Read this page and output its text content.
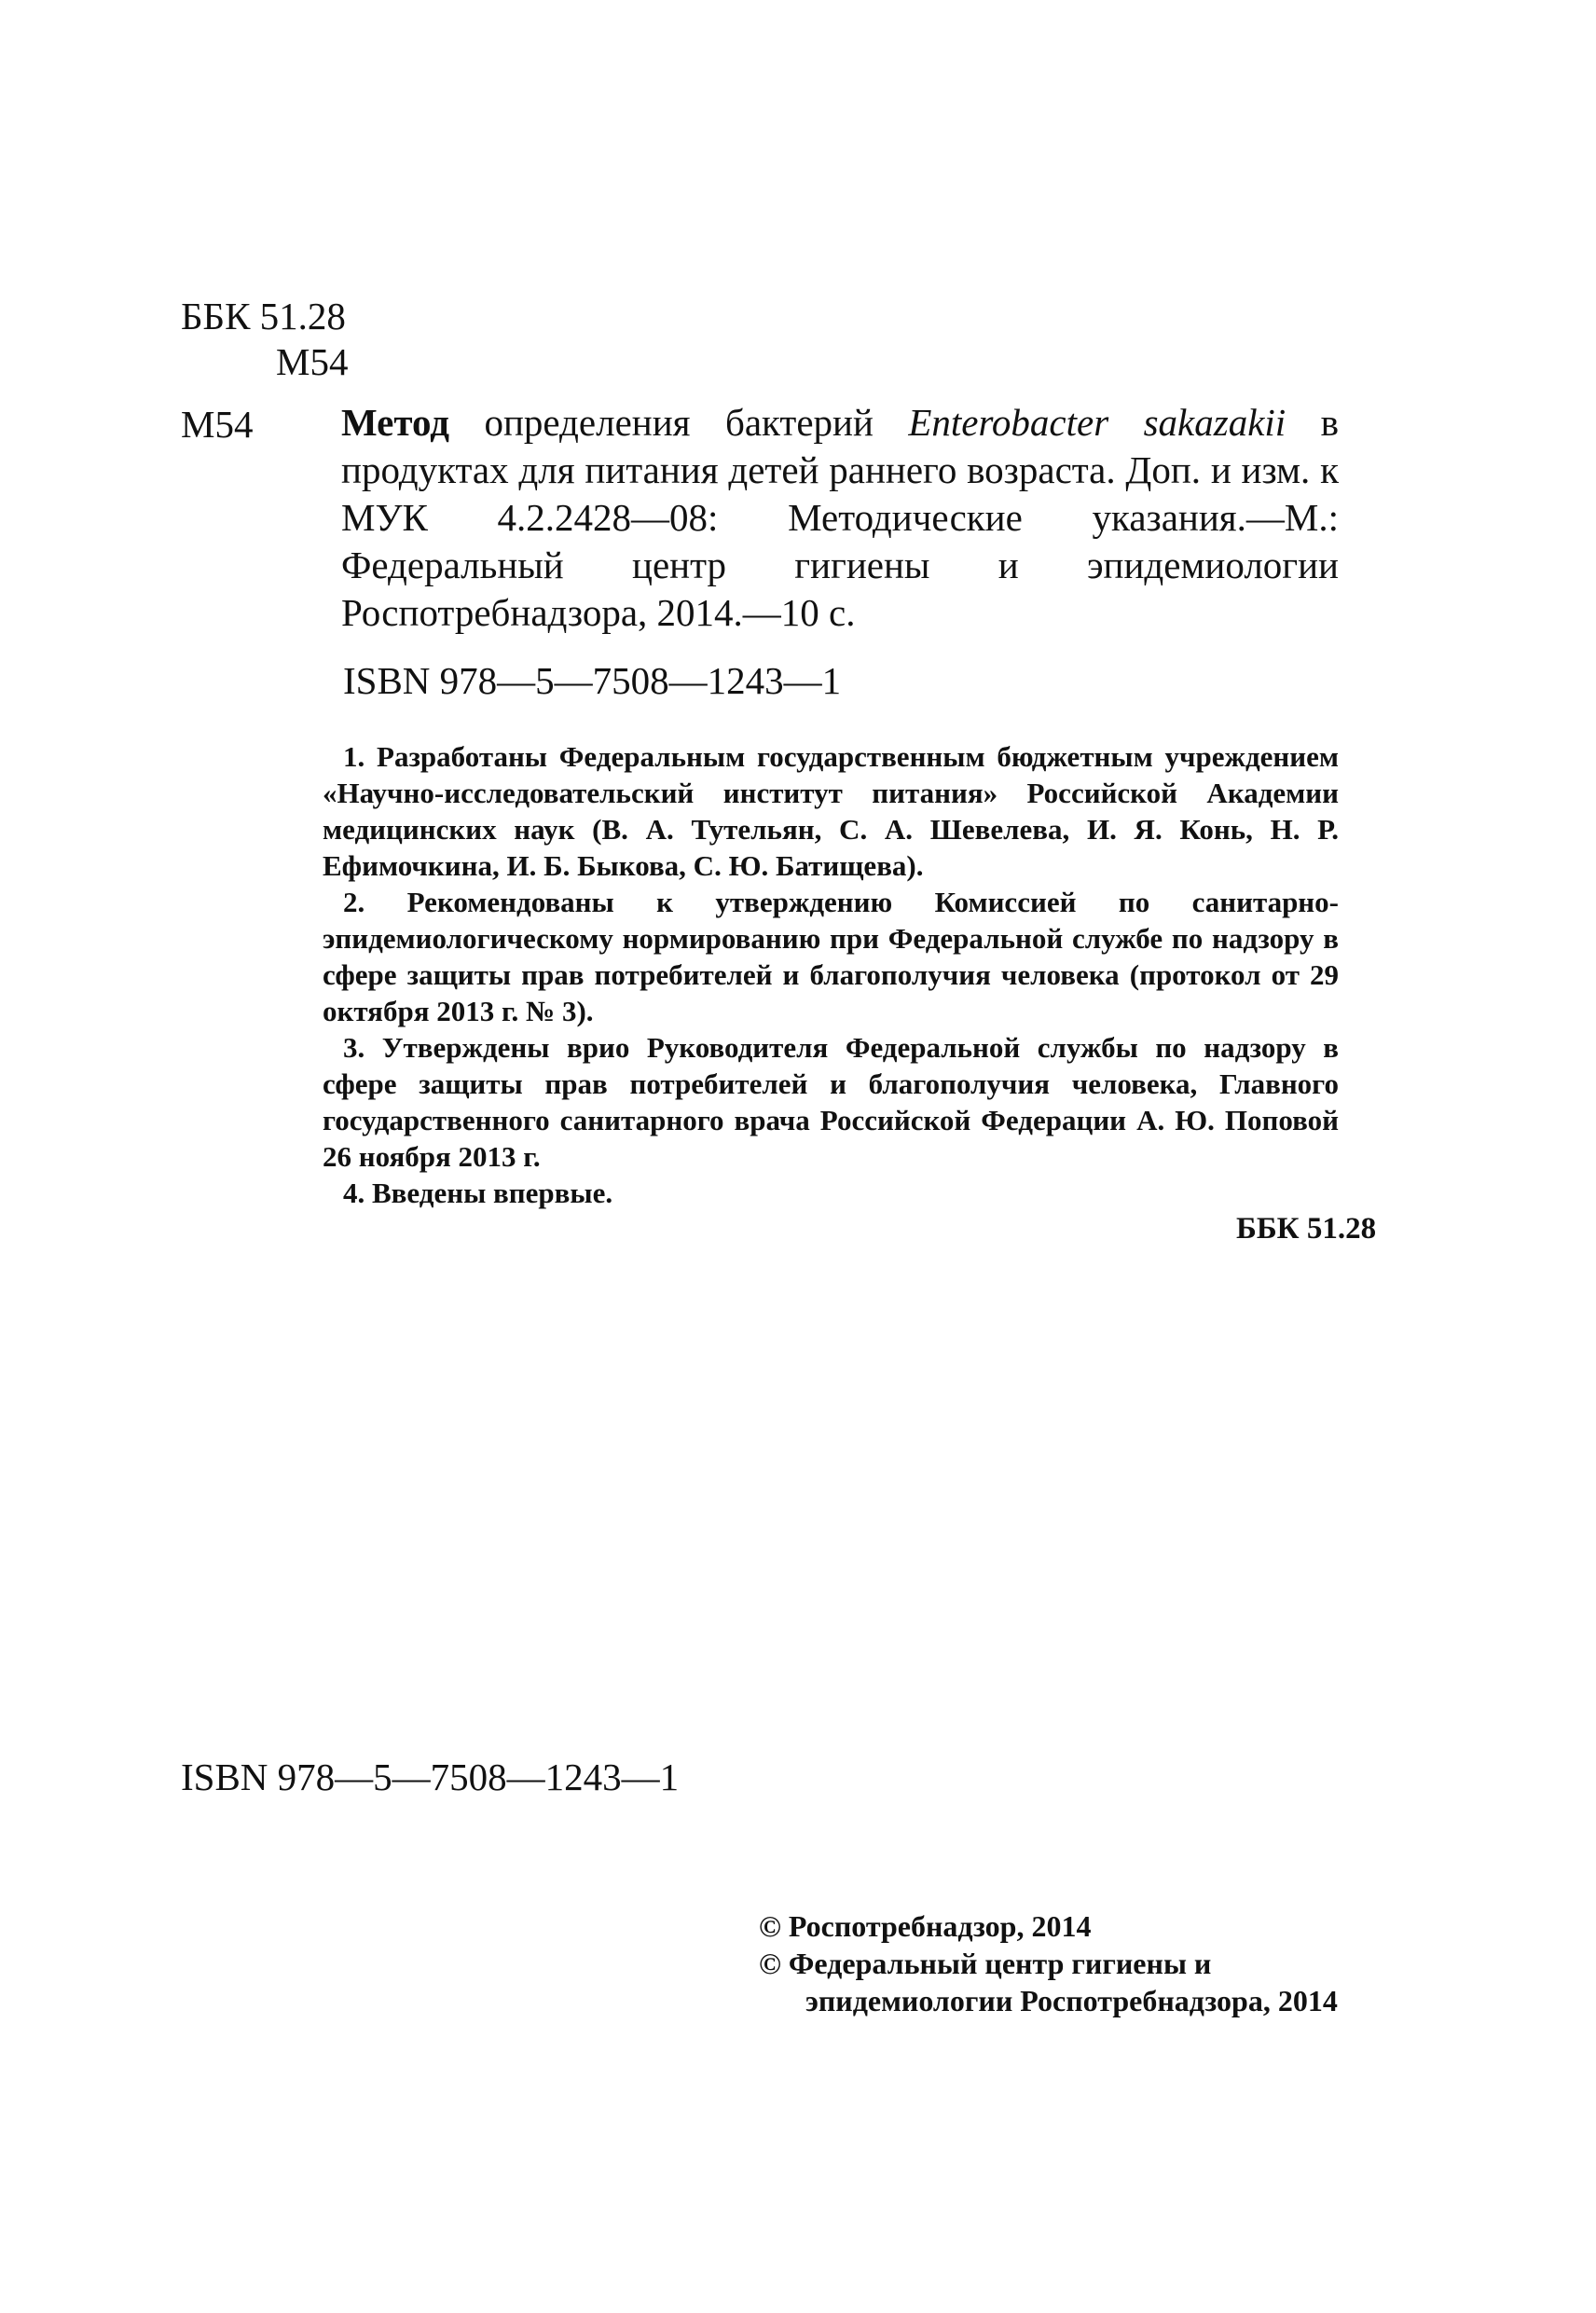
ББК 51.28
М54
М54 Метод определения бактерий Enterobacter sakazakii в продуктах для питания детей раннего возраста. Доп. и изм. к МУК 4.2.2428—08: Методические указания.—М.: Федеральный центр гигиены и эпидемиологии Роспотребнадзора, 2014.—10 с.
ISBN 978—5—7508—1243—1

1. Разработаны Федеральным государственным бюджетным учреждением «Научно-исследовательский институт питания» Российской Академии медицинских наук (В. А. Тутельян, С. А. Шевелева, И. Я. Конь, Н. Р. Ефимочкина, И. Б. Быкова, С. Ю. Батищева).

2. Рекомендованы к утверждению Комиссией по санитарно-эпидемиологическому нормированию при Федеральной службе по надзору в сфере защиты прав потребителей и благополучия человека (протокол от 29 октября 2013 г. № 3).

3. Утверждены врио Руководителя Федеральной службы по надзору в сфере защиты прав потребителей и благополучия человека, Главного государственного санитарного врача Российской Федерации А. Ю. Поповой 26 ноября 2013 г.

4. Введены впервые.

ББК 51.28
ISBN 978—5—7508—1243—1
© Роспотребнадзор, 2014
© Федеральный центр гигиены и
эпидемиологии Роспотребнадзора, 2014
